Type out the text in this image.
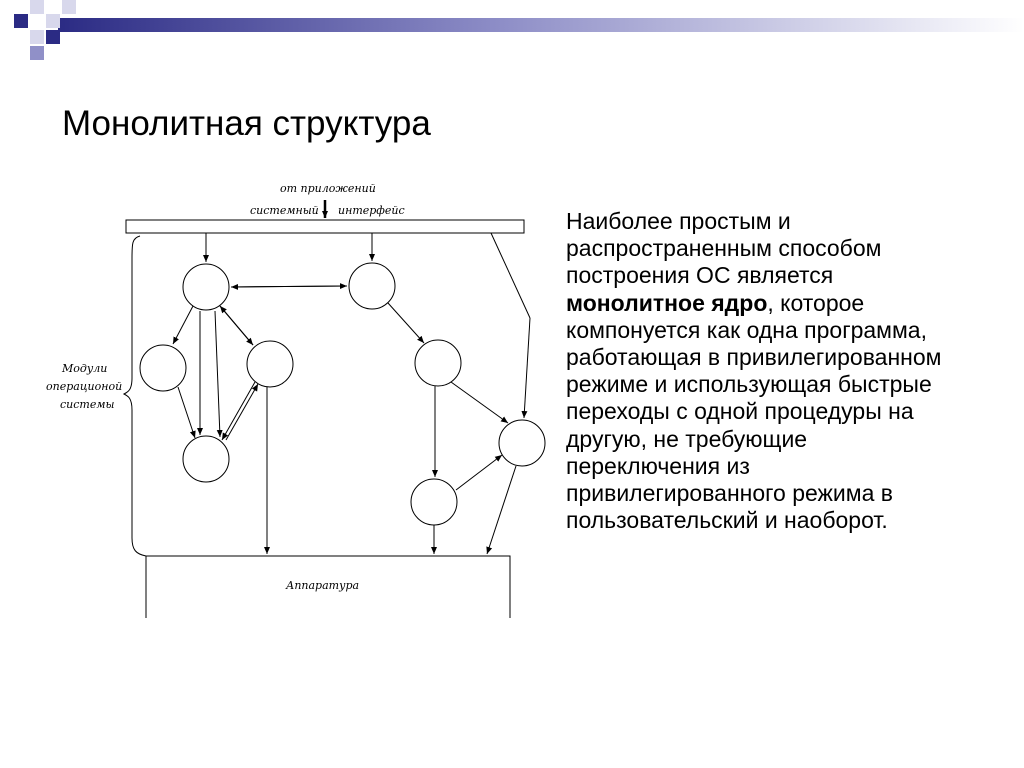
Монолитная структура
от приложений
системный интерфейс
Модули
операционой
системы
Аппаратура

Наиболее простым и распространенным способом построения ОС является монолитное ядро, которое компонуется как одна программа, работающая в привилегированном режиме и использующая быстрые переходы с одной процедуры на другую, не требующие переключения из привилегированного режима в пользовательский и наоборот.
